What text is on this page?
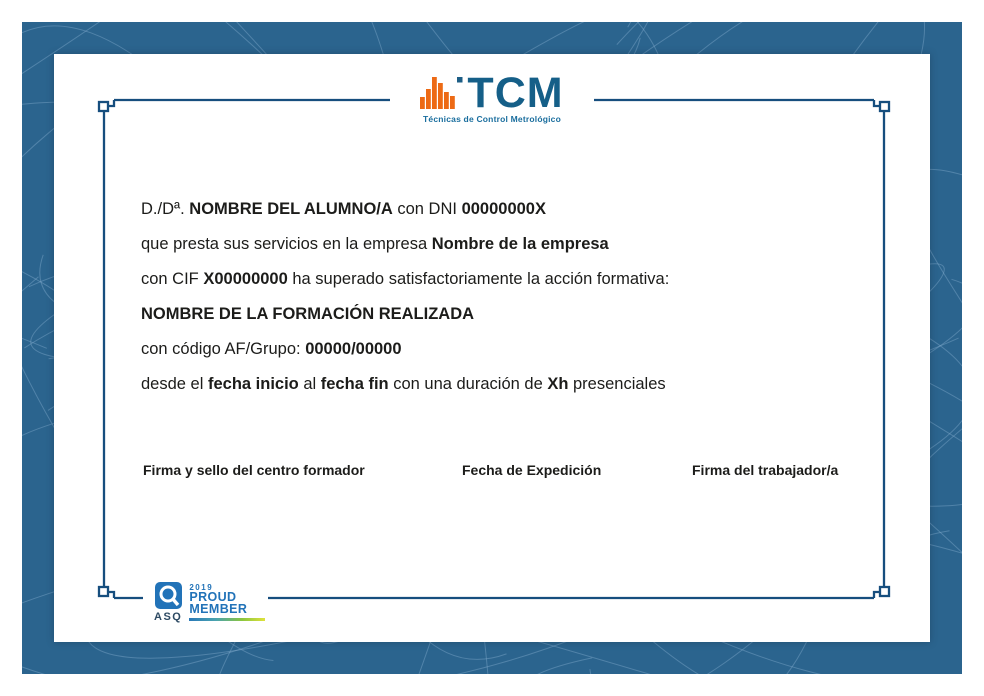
TCM
Técnicas de Control Metrológico
D./Dª. NOMBRE DEL ALUMNO/A con DNI 00000000X
que presta sus servicios en la empresa Nombre de la empresa
con CIF X00000000 ha superado satisfactoriamente la acción formativa:
NOMBRE DE LA FORMACIÓN REALIZADA
con código AF/Grupo: 00000/00000
desde el fecha inicio al fecha fin con una duración de Xh presenciales
Firma y sello del centro formador	Fecha de Expedición	Firma del trabajador/a
ASQ
2019
PROUD
MEMBER
